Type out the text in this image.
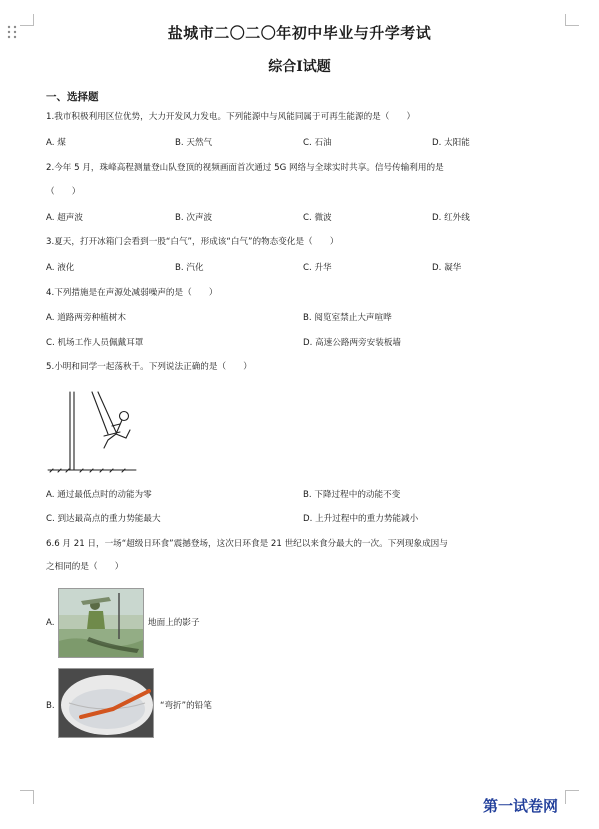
盐城市二〇二〇年初中毕业与升学考试
综合Ⅰ试题
一、选择题
1.我市积极利用区位优势，大力开发风力发电。下列能源中与风能同属于可再生能源的是（　　）
A. 煤	B. 天然气	C. 石油	D. 太阳能
2.今年 5 月，珠峰高程测量登山队登顶的视频画面首次通过 5G 网络与全球实时共享。信号传输利用的是
（　　）
A. 超声波	B. 次声波	C. 微波	D. 红外线
3.夏天，打开冰箱门会看到一股“白气”，形成该“白气”的物态变化是（　　）
A. 液化	B. 汽化	C. 升华	D. 凝华
4.下列措施是在声源处减弱噪声的是（　　）
A. 道路两旁种植树木	B. 阅览室禁止大声喧哗
C. 机场工作人员佩戴耳罩	D. 高速公路两旁安装板墙
5.小明和同学一起荡秋千。下列说法正确的是（　　）
A. 通过最低点时的动能为零	B. 下降过程中的动能不变
C. 到达最高点的重力势能最大	D. 上升过程中的重力势能减小
6.6 月 21 日，一场“超级日环食”震撼登场，这次日环食是 21 世纪以来食分最大的一次。下列现象成因与
之相同的是（　　）
A.	地面上的影子
B.	“弯折”的铅笔
第一试卷网
